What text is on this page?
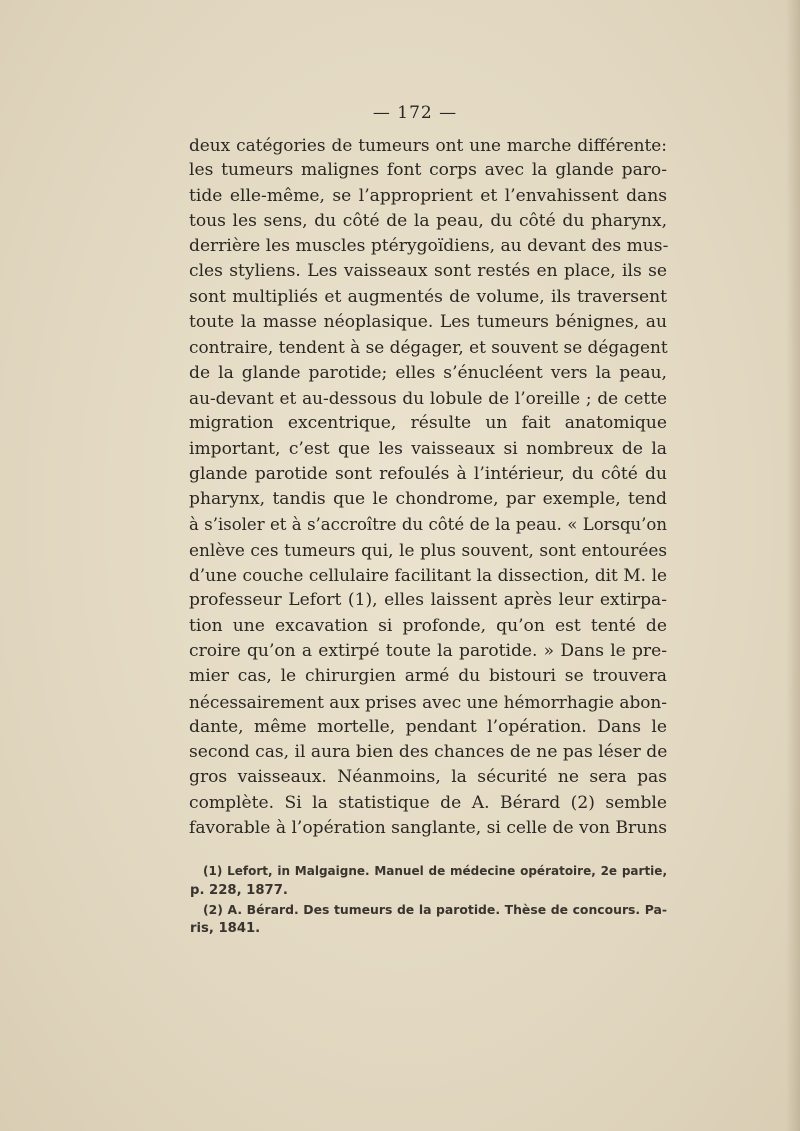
— 172 —
deux catégories de tumeurs ont une marche différente:
les tumeurs malignes font corps avec la glande paro-
tide elle-même, se l’approprient et l’envahissent dans
tous les sens, du côté de la peau, du côté du pharynx,
derrière les muscles ptérygoïdiens, au devant des mus-
cles styliens. Les vaisseaux sont restés en place, ils se
sont multipliés et augmentés de volume, ils traversent
toute la masse néoplasique. Les tumeurs bénignes, au
contraire, tendent à se dégager, et souvent se dégagent
de la glande parotide; elles s’énucléent vers la peau,
au-devant et au-dessous du lobule de l’oreille ; de cette
migration excentrique, résulte un fait anatomique
important, c’est que les vaisseaux si nombreux de la
glande parotide sont refoulés à l’intérieur, du côté du
pharynx, tandis que le chondrome, par exemple, tend
à s’isoler et à s’accroître du côté de la peau. « Lorsqu’on
enlève ces tumeurs qui, le plus souvent, sont entourées
d’une couche cellulaire facilitant la dissection, dit M. le
professeur Lefort (1), elles laissent après leur extirpa-
tion une excavation si profonde, qu’on est tenté de
croire qu’on a extirpé toute la parotide. » Dans le pre-
mier cas, le chirurgien armé du bistouri se trouvera
nécessairement aux prises avec une hémorrhagie abon-
dante, même mortelle, pendant l’opération. Dans le
second cas, il aura bien des chances de ne pas léser de
gros vaisseaux. Néanmoins, la sécurité ne sera pas
complète. Si la statistique de A. Bérard (2) semble
favorable à l’opération sanglante, si celle de von Bruns
(1) Lefort, in Malgaigne. Manuel de médecine opératoire, 2e partie,
p. 228, 1877.
(2) A. Bérard. Des tumeurs de la parotide. Thèse de concours. Pa-
ris, 1841.
